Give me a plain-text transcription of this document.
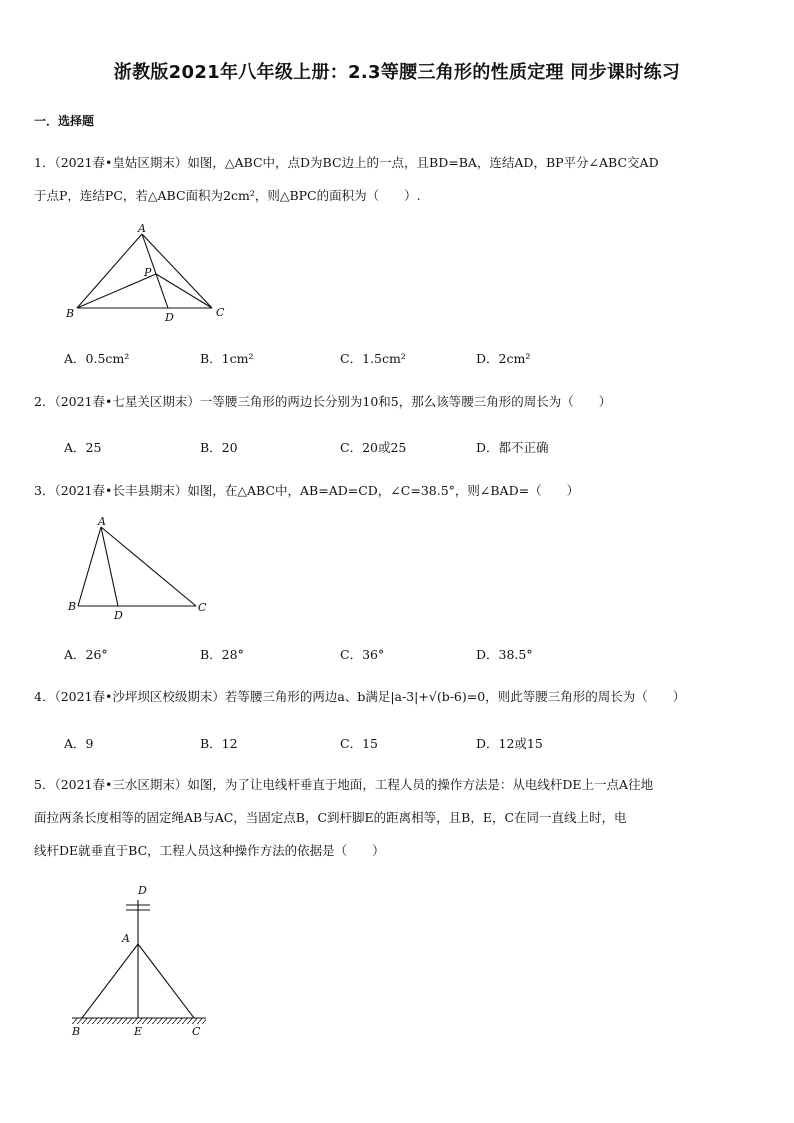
浙教版2021年八年级上册：2.3等腰三角形的性质定理 同步课时练习
一．选择题
1．（2021春•皇姑区期末）如图，△ABC中，点D为BC边上的一点，且BD=BA，连结AD，BP平分∠ABC交AD
于点P，连结PC，若△ABC面积为2cm²，则△BPC的面积为（　　）.
A
P
B	D	C
A．0.5cm²	B．1cm²	C．1.5cm²	D．2cm²
2．（2021春•七星关区期末）一等腰三角形的两边长分别为10和5，那么该等腰三角形的周长为（　　）
A．25	B．20	C．20或25	D．都不正确
3．（2021春•长丰县期末）如图，在△ABC中，AB=AD=CD，∠C=38.5°，则∠BAD=（　　）
A
B
D
C
A．26°	B．28°	C．36°	D．38.5°
4．（2021春•沙坪坝区校级期末）若等腰三角形的两边a、b满足|a-3|+√(b-6)=0，则此等腰三角形的周长为（　　）
A．9	B．12	C．15	D．12或15
5．（2021春•三水区期末）如图，为了让电线杆垂直于地面，工程人员的操作方法是：从电线杆DE上一点A往地
面拉两条长度相等的固定绳AB与AC，当固定点B，C到杆脚E的距离相等，且B，E，C在同一直线上时，电
线杆DE就垂直于BC，工程人员这种操作方法的依据是（　　）
D
A
B	E	C
